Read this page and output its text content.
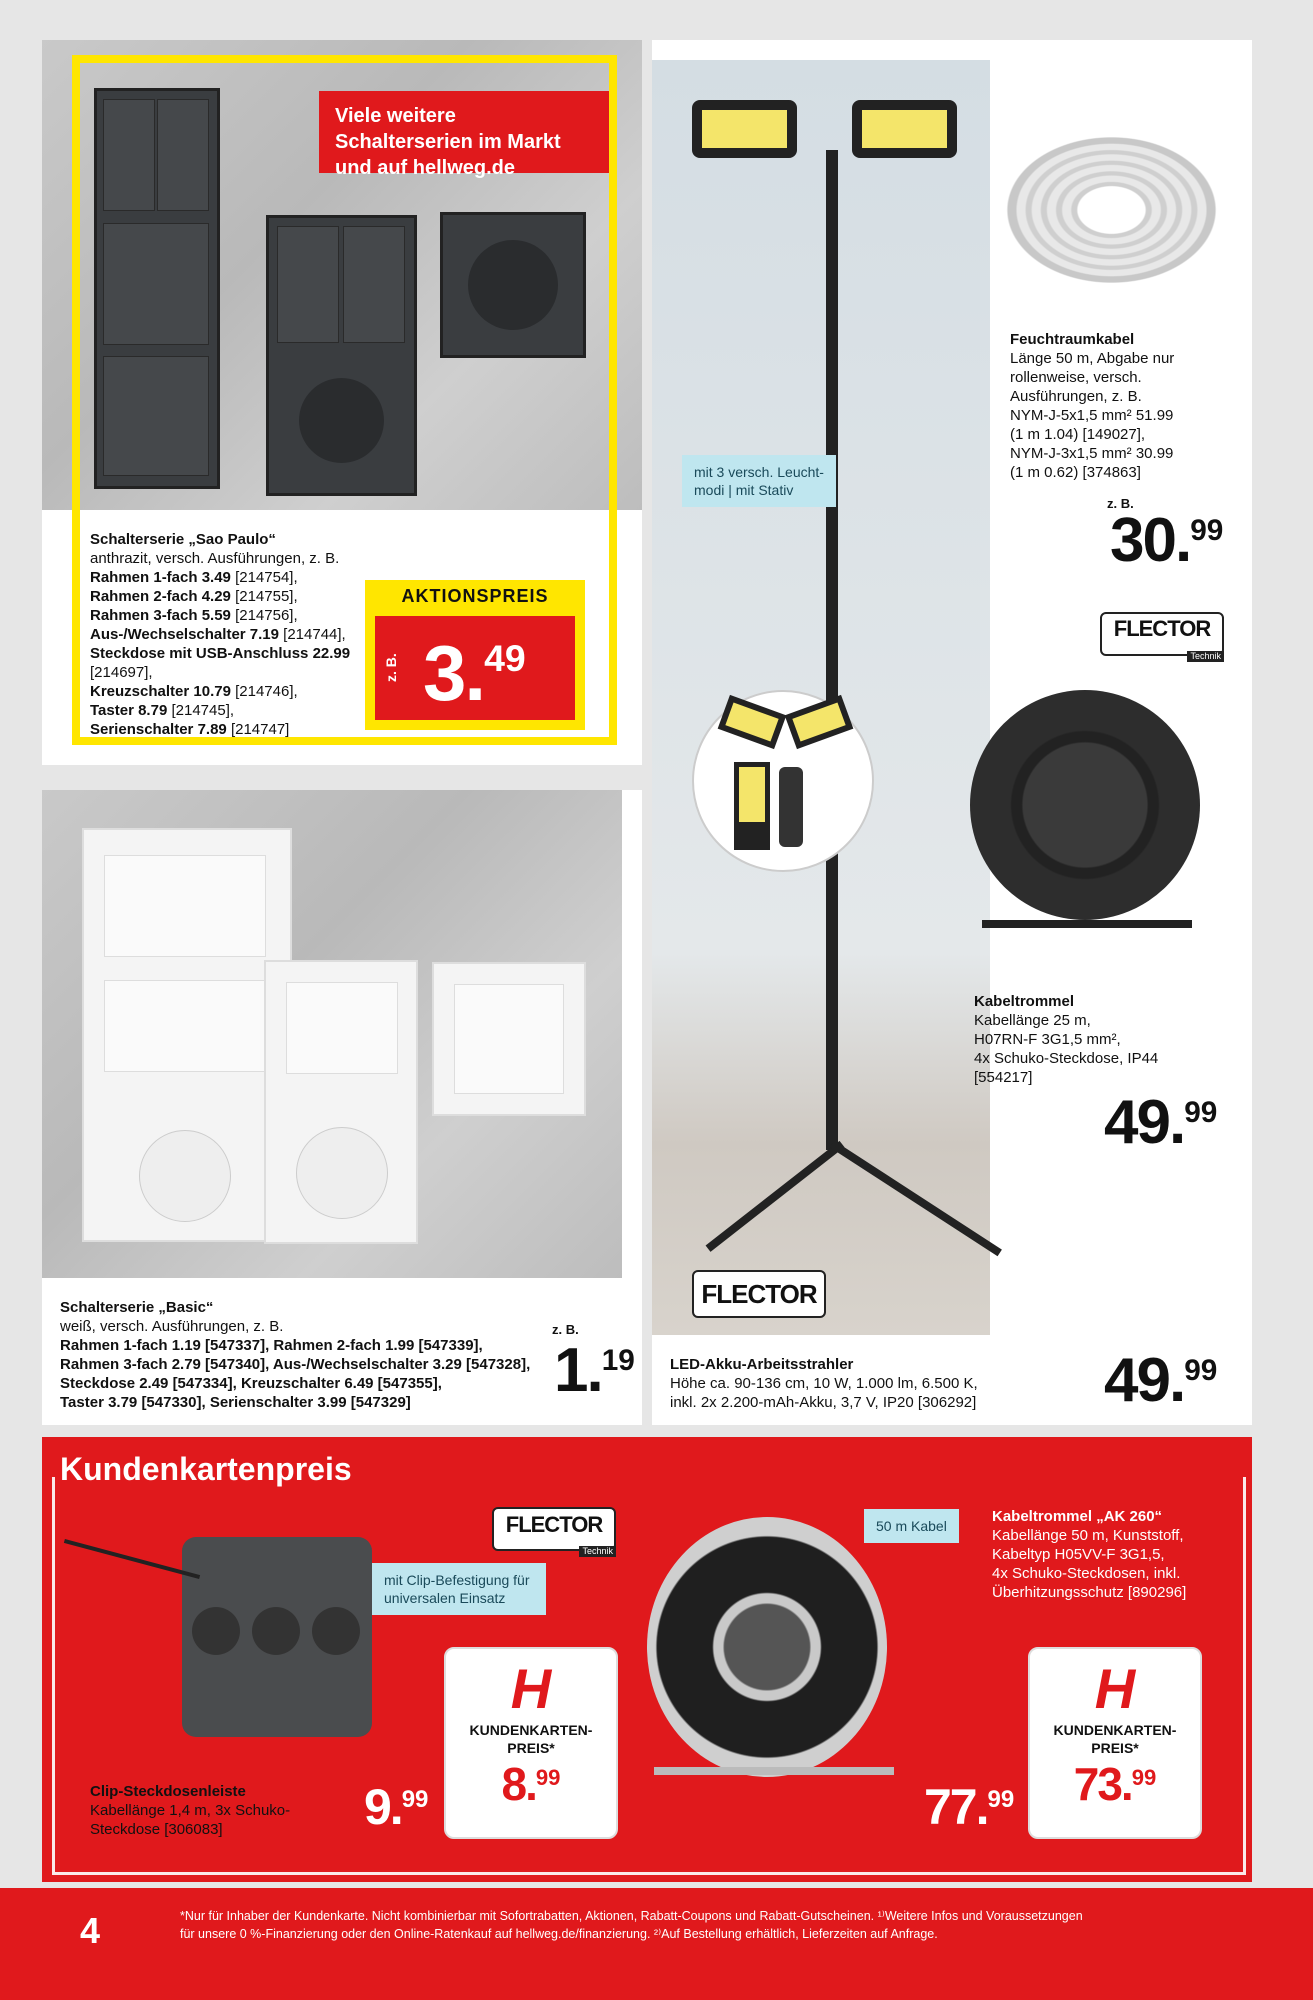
Viele weitere Schalterserien im Markt und auf hellweg.de
Schalterserie „Sao Paulo“
anthrazit, versch. Ausführungen, z. B.
Rahmen 1-fach 3.49 [214754],
Rahmen 2-fach 4.29 [214755],
Rahmen 3-fach 5.59 [214756],
Aus-/Wechselschalter 7.19 [214744],
Steckdose mit USB-Anschluss 22.99 [214697],
Kreuzschalter 10.79 [214746],
Taster 8.79 [214745],
Serienschalter 7.89 [214747]
AKTIONSPREIS
z. B. 3.49
Schalterserie „Basic“
weiß, versch. Ausführungen, z. B.
Rahmen 1-fach 1.19 [547337], Rahmen 2-fach 1.99 [547339],
Rahmen 3-fach 2.79 [547340], Aus-/Wechselschalter 3.29 [547328],
Steckdose 2.49 [547334], Kreuzschalter 6.49 [547355],
Taster 3.79 [547330], Serienschalter 3.99 [547329]
z. B.
1.19
mit 3 versch. Leucht-modi | mit Stativ
FLECTOR
LED-Akku-Arbeitsstrahler
Höhe ca. 90-136 cm, 10 W, 1.000 lm, 6.500 K,
inkl. 2x 2.200-mAh-Akku, 3,7 V, IP20 [306292]	49.99
Feuchtraumkabel
Länge 50 m, Abgabe nur
rollenweise, versch.
Ausführungen, z. B.
NYM-J-5x1,5 mm² 51.99
(1 m 1.04) [149027],
NYM-J-3x1,5 mm² 30.99
(1 m 0.62) [374863]
z. B.
30.99
FLECTOR
Technik
Kabeltrommel
Kabellänge 25 m,
H07RN-F 3G1,5 mm²,
4x Schuko-Steckdose, IP44
[554217]
49.99
Kundenkartenpreis
FLECTOR
Technik
mit Clip-Befestigung für universalen Einsatz
Clip-Steckdosenleiste
Kabellänge 1,4 m, 3x Schuko-
Steckdose [306083]	9.99
H
KUNDENKARTEN-PREIS*
8.99
50 m Kabel
Kabeltrommel „AK 260“
Kabellänge 50 m, Kunststoff,
Kabeltyp H05VV-F 3G1,5,
4x Schuko-Steckdosen, inkl.
Überhitzungsschutz [890296]
77.99
H
KUNDENKARTEN-PREIS*
73.99
4	*Nur für Inhaber der Kundenkarte. Nicht kombinierbar mit Sofortrabatten, Aktionen, Rabatt-Coupons und Rabatt-Gutscheinen. ¹⁾Weitere Infos und Voraussetzungen
für unsere 0 %-Finanzierung oder den Online-Ratenkauf auf hellweg.de/finanzierung. ²⁾Auf Bestellung erhältlich, Lieferzeiten auf Anfrage.
